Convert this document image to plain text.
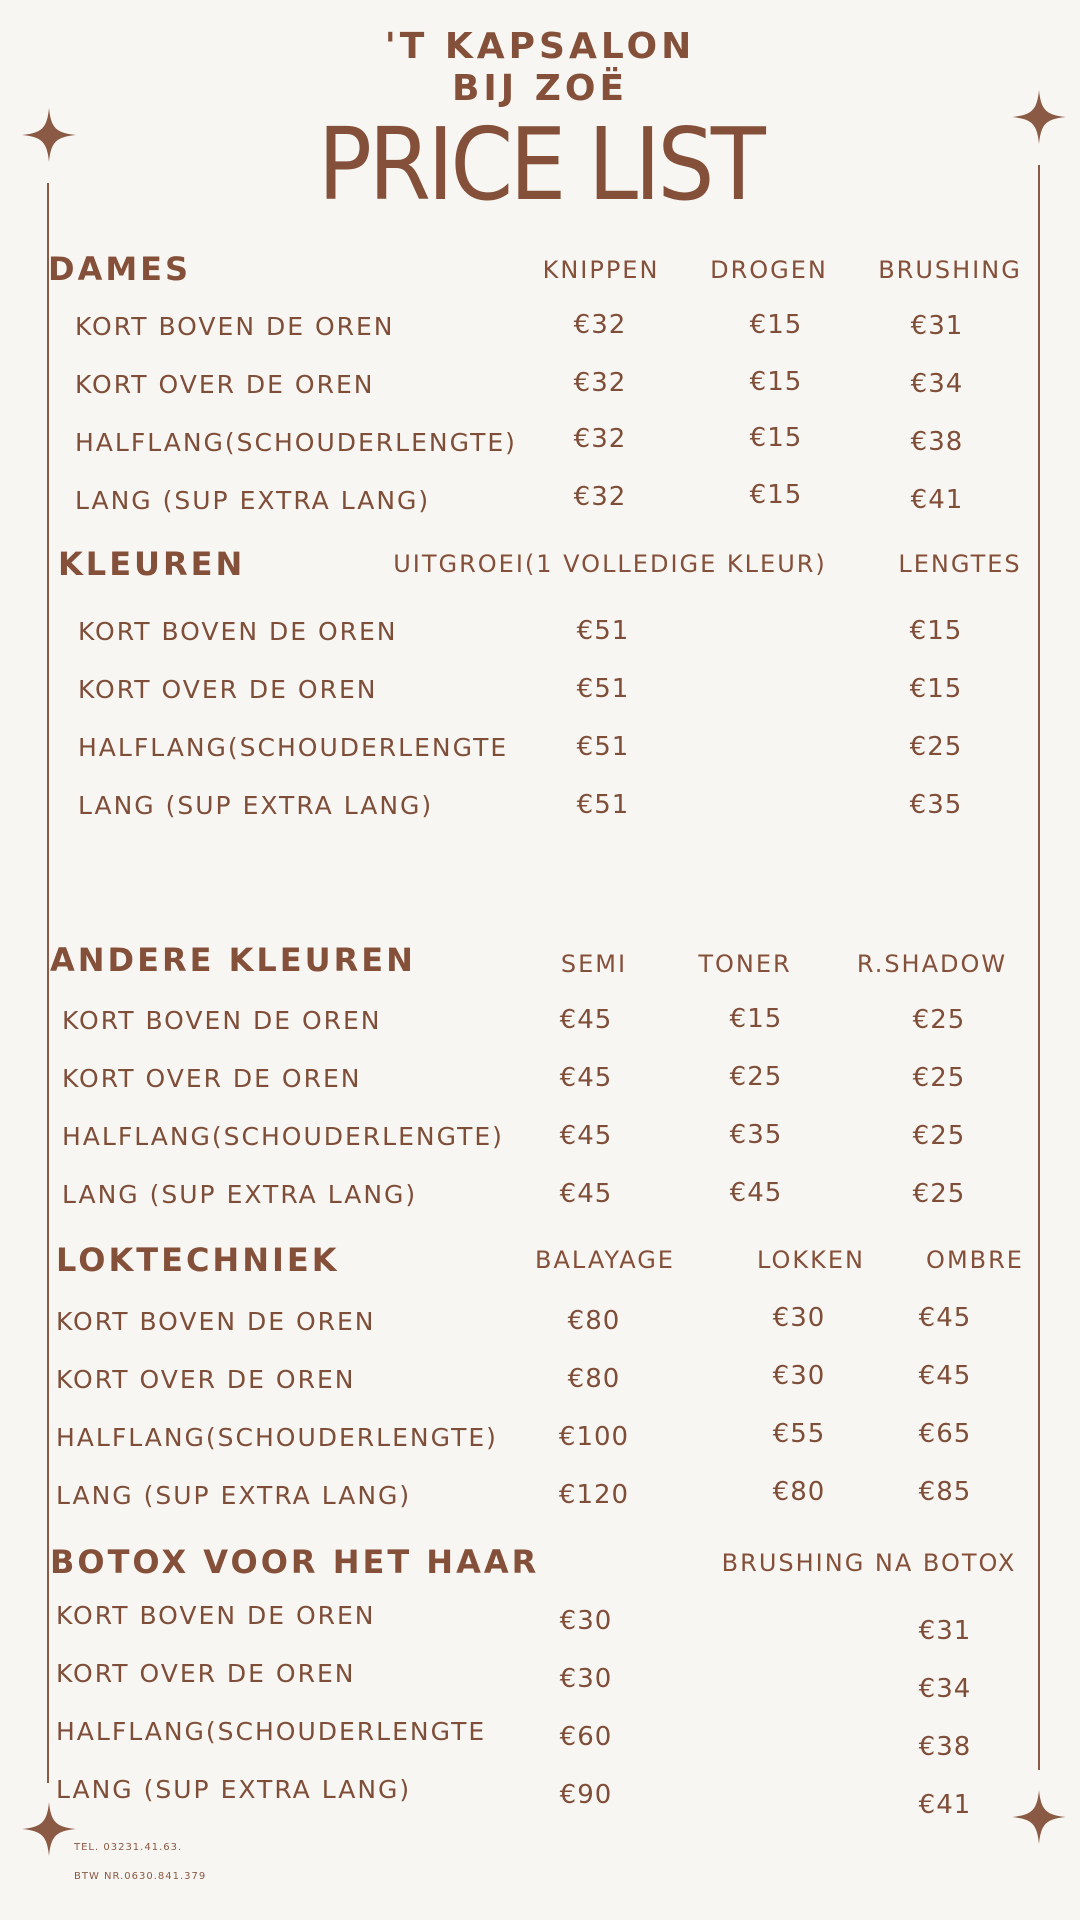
'T KAPSALON
BIJ ZOË
PRICE LIST
DAMES	KNIPPEN DROGEN BRUSHING
KORT BOVEN DE OREN	€32	€15	€31
KORT OVER DE OREN	€32	€15	€34
HALFLANG(SCHOUDERLENGTE) €32	€15	€38
LANG (SUP EXTRA LANG)	€32	€15	€41
KLEUREN	UITGROEI(1 VOLLEDIGE KLEUR)	LENGTES
KORT BOVEN DE OREN	€51	€15
KORT OVER DE OREN	€51	€15
HALFLANG(SCHOUDERLENGTE	€51	€25
LANG (SUP EXTRA LANG)	€51	€35
ANDERE KLEUREN	SEMI	TONER	R.SHADOW
KORT BOVEN DE OREN	€45	€15	€25
KORT OVER DE OREN	€45	€25	€25
HALFLANG(SCHOUDERLENGTE) €45	€35	€25
LANG (SUP EXTRA LANG)	€45	€45	€25
LOKTECHNIEK	BALAYAGE	LOKKEN	OMBRE
KORT BOVEN DE OREN	€80	€30	€45
KORT OVER DE OREN	€80	€30	€45
HALFLANG(SCHOUDERLENGTE) €100	€55	€65
LANG (SUP EXTRA LANG)	€120	€80	€85
BOTOX VOOR HET HAAR	BRUSHING NA BOTOX
KORT BOVEN DE OREN	€30	€31
KORT OVER DE OREN	€30	€34
HALFLANG(SCHOUDERLENGTE	€60	€38
LANG (SUP EXTRA LANG)	€90	€41
TEL. 03231.41.63.
BTW NR.0630.841.379
